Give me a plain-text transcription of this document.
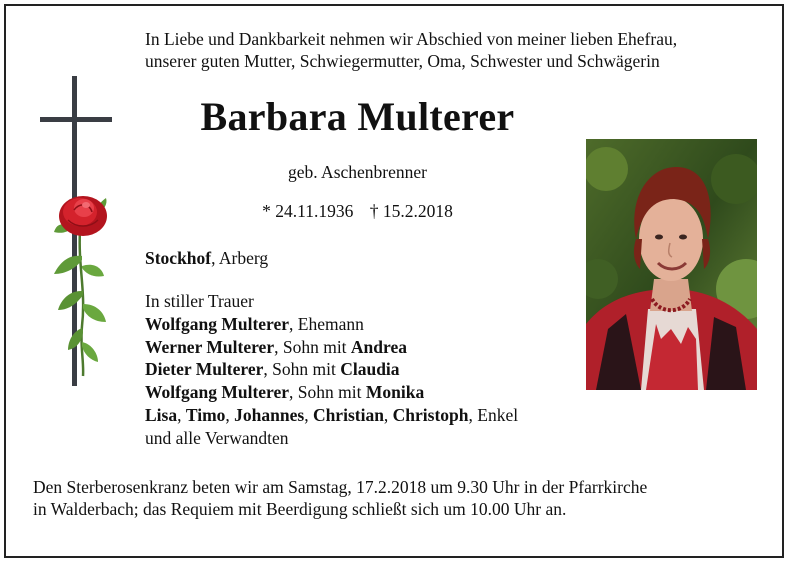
In Liebe und Dankbarkeit nehmen wir Abschied von meiner lieben Ehefrau,
unserer guten Mutter, Schwiegermutter, Oma, Schwester und Schwägerin
Barbara Multerer
geb. Aschenbrenner
* 24.11.1936 † 15.2.2018
Stockhof, Arberg
In stiller Trauer
Wolfgang Multerer, Ehemann
Werner Multerer, Sohn mit Andrea
Dieter Multerer, Sohn mit Claudia
Wolfgang Multerer, Sohn mit Monika
Lisa, Timo, Johannes, Christian, Christoph, Enkel
und alle Verwandten
Den Sterberosenkranz beten wir am Samstag, 17.2.2018 um 9.30 Uhr in der Pfarrkirche
in Walderbach; das Requiem mit Beerdigung schließt sich um 10.00 Uhr an.
